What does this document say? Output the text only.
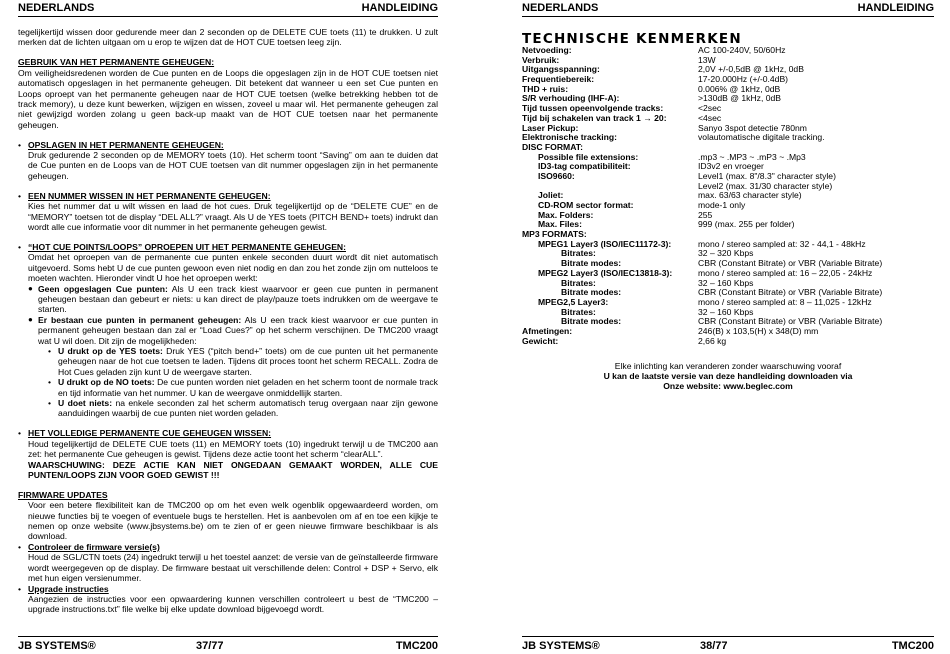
NEDERLANDS	HANDLEIDING

tegelijkertijd wissen door gedurende meer dan 2 seconden op de DELETE CUE toets (11) te drukken. U zult merken dat de lichten uitgaan om u erop te wijzen dat de HOT CUE toetsen leeg zijn.

GEBRUIK VAN HET PERMANENTE GEHEUGEN:

Om veiligheidsredenen worden de Cue punten en de Loops die opgeslagen zijn in de HOT CUE toetsen niet automatisch opgeslagen in het permanente geheugen. Dit betekent dat wanneer u een set Cue punten en Loops oproept van het permanente geheugen naar de HOT CUE toetsen (welke betrekking hebben tot de track memory), u deze kunt bewerken, wijzigen en wissen, zoveel u maar wil. Het permanente geheugen zal niet gewijzigd worden zolang u geen back-up maakt van de HOT CUE toetsen naar het permanente geheugen.

• OPSLAGEN IN HET PERMANENTE GEHEUGEN:

Druk gedurende 2 seconden op de MEMORY toets (10). Het scherm toont “Saving” om aan te duiden dat de Cue punten en de Loops van de HOT CUE toetsen van dit nummer opgeslagen zijn in het permanente geheugen.

• EEN NUMMER WISSEN IN HET PERMANENTE GEHEUGEN:

Kies het nummer dat u wilt wissen en laad de hot cues. Druk tegelijkertijd op de “DELETE CUE” en de “MEMORY” toetsen tot de display “DEL ALL?” vraagt. Als U de YES toets (PITCH BEND+ toets) indrukt dan wordt alle cue informatie voor dit nummer in het permanente geheugen gewist.

• “HOT CUE POINTS/LOOPS” OPROEPEN UIT HET PERMANENTE GEHEUGEN:

Omdat het oproepen van de permanente cue punten enkele seconden duurt wordt dit niet automatisch uitgevoerd. Soms hebt U de cue punten gewoon even niet nodig en dan zou het zonde zijn om nutteloos te moeten wachten. Hieronder vindt U hoe het oproepen werkt:

● Geen opgeslagen Cue punten: Als U een track kiest waarvoor er geen cue punten in permanent geheugen bestaan dan gebeurt er niets: u kan direct de play/pauze toets indrukken om de weergave te starten.

● Er bestaan cue punten in permanent geheugen: Als U een track kiest waarvoor er cue punten in permanent geheugen bestaan dan zal er “Load Cues?” op het scherm verschijnen. De TMC200 vraagt wat U wil doen. Dit zijn de mogelijkheden:

• U drukt op de YES toets: Druk YES (“pitch bend+” toets) om de cue punten uit het permanente geheugen naar de hot cue toetsen te laden. Tijdens dit proces toont het scherm RECALL. Zodra de Hot Cues geladen zijn kunt U de weergave starten.

• U drukt op de NO toets: De cue punten worden niet geladen en het scherm toont de normale track en tijd informatie van het nummer. U kan de weergave onmiddellijk starten.

• U doet niets: na enkele seconden zal het scherm automatisch terug overgaan naar zijn gewone aanduidingen waarbij de cue punten niet worden geladen.

• HET VOLLEDIGE PERMANENTE CUE GEHEUGEN WISSEN:

Houd tegelijkertijd de DELETE CUE toets (11) en MEMORY toets (10) ingedrukt terwijl u de TMC200 aan zet: het permanente Cue geheugen is gewist. Tijdens deze actie toont het scherm “clearALL”.

WAARSCHUWING: DEZE ACTIE KAN NIET ONGEDAAN GEMAAKT WORDEN, ALLE CUE PUNTEN/LOOPS ZIJN VOOR GOED GEWIST !!!

FIRMWARE UPDATES

Voor een betere flexibiliteit kan de TMC200 op om het even welk ogenblik opgewaardeerd worden, om nieuwe functies bij te voegen of eventuele bugs te herstellen. Het is aanbevolen om af en toe een kijkje te nemen op onze website (www.jbsystems.be) om te zien of er geen nieuwe firmware beschikbaar is als download.

• Controleer de firmware versie(s)

Houd de SGL/CTN toets (24) ingedrukt terwijl u het toestel aanzet: de versie van de geïnstalleerde firmware wordt weergegeven op de display. De firmware bestaat uit verschillende delen: Control + DSP + Servo, elk met hun eigen versienummer.

• Upgrade instructies

Aangezien de instructies voor een opwaardering kunnen verschillen controleert u best de “TMC200 – upgrade instructions.txt” file welke bij elke update download bijgevoegd wordt.

JB SYSTEMS®	37/77	TMC200
NEDERLANDS	HANDLEIDING
TECHNISCHE KENMERKEN
Netvoeding:	AC 100-240V, 50/60Hz
Verbruik:	13W
Uitgangsspanning:	2,0V +/-0,5dB @ 1kHz, 0dB
Frequentiebereik:	17-20.000Hz (+/-0.4dB)
THD + ruis:	0.006% @ 1kHz, 0dB
S/R verhouding (IHF-A):	>130dB @ 1kHz, 0dB
Tijd tussen opeenvolgende tracks:	<2sec
Tijd bij schakelen van track 1 → 20:	<4sec
Laser Pickup:	Sanyo 3spot detectie 780nm
Elektronische tracking:	volautomatische digitale tracking.
DISC FORMAT:
Possible file extensions:	.mp3 ~ .MP3 ~ .mP3 ~ .Mp3
ID3-tag compatibiliteit:	ID3v2 en vroeger
ISO9660:	Level1 (max. 8"/8.3" character style)
Level2 (max. 31/30 character style)
Joliet:	max. 63/63 character style)
CD-ROM sector format:	mode-1 only
Max. Folders:	255
Max. Files:	999 (max. 255 per folder)
MP3 FORMATS:
MPEG1 Layer3 (ISO/IEC11172-3):	mono / stereo sampled at: 32 - 44,1 - 48kHz
Bitrates:	32 – 320 Kbps
Bitrate modes:	CBR (Constant Bitrate) or VBR (Variable Bitrate)
MPEG2 Layer3 (ISO/IEC13818-3):	mono / stereo sampled at: 16 – 22,05 - 24kHz
Bitrates:	32 – 160 Kbps
Bitrate modes:	CBR (Constant Bitrate) or VBR (Variable Bitrate)
MPEG2,5 Layer3:	mono / stereo sampled at: 8 – 11,025 - 12kHz
Bitrates:	32 – 160 Kbps
Bitrate modes:	CBR (Constant Bitrate) or VBR (Variable Bitrate)
Afmetingen:	246(B) x 103,5(H) x 348(D) mm
Gewicht:	2,66 kg
Elke inlichting kan veranderen zonder waarschuwing vooraf
U kan de laatste versie van deze handleiding downloaden via
Onze website: www.beglec.com
JB SYSTEMS®	38/77	TMC200
